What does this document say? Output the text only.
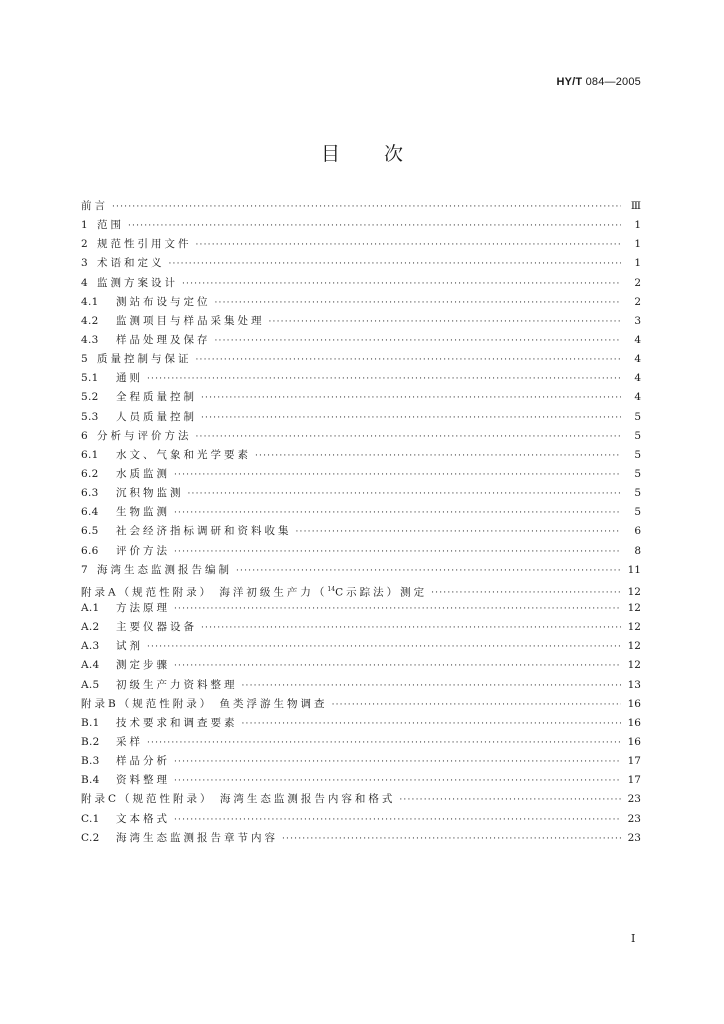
HY/T 084—2005
目次
前言 ·····	Ⅲ
1 范围 ·····	1
2 规范性引用文件 ·····	1
3 术语和定义 ·····	1
4 监测方案设计 ·····	2
4.1	测站布设与定位 ·····	2
4.2	监测项目与样品采集处理 ·····	3
4.3	样品处理及保存 ·····	4
5 质量控制与保证 ·····	4
5.1	通则 ·····	4
5.2	全程质量控制 ·····	4
5.3	人员质量控制 ·····	5
6 分析与评价方法 ·····	5
6.1	水文、气象和光学要素 ·····	5
6.2	水质监测 ·····	5
6.3	沉积物监测 ·····	5
6.4	生物监测 ·····	5
6.5	社会经济指标调研和资料收集 ·····	6
6.6	评价方法 ·····	8
7 海湾生态监测报告编制 ·····	11
附录A（规范性附录） 海洋初级生产力（$^{14}$C示踪法）测定 ·····	12
A.1	方法原理 ·····	12
A.2	主要仪器设备 ·····	12
A.3	试剂 ·····	12
A.4	测定步骤 ·····	12
A.5	初级生产力资料整理 ·····	13
附录B（规范性附录） 鱼类浮游生物调查 ·····	16
B.1	技术要求和调查要素 ·····	16
B.2	采样 ·····	16
B.3	样品分析 ·····	17
B.4	资料整理 ·····	17
附录C（规范性附录） 海湾生态监测报告内容和格式 ·····	23
C.1	文本格式 ·····	23
C.2	海湾生态监测报告章节内容 ·····	23
I
